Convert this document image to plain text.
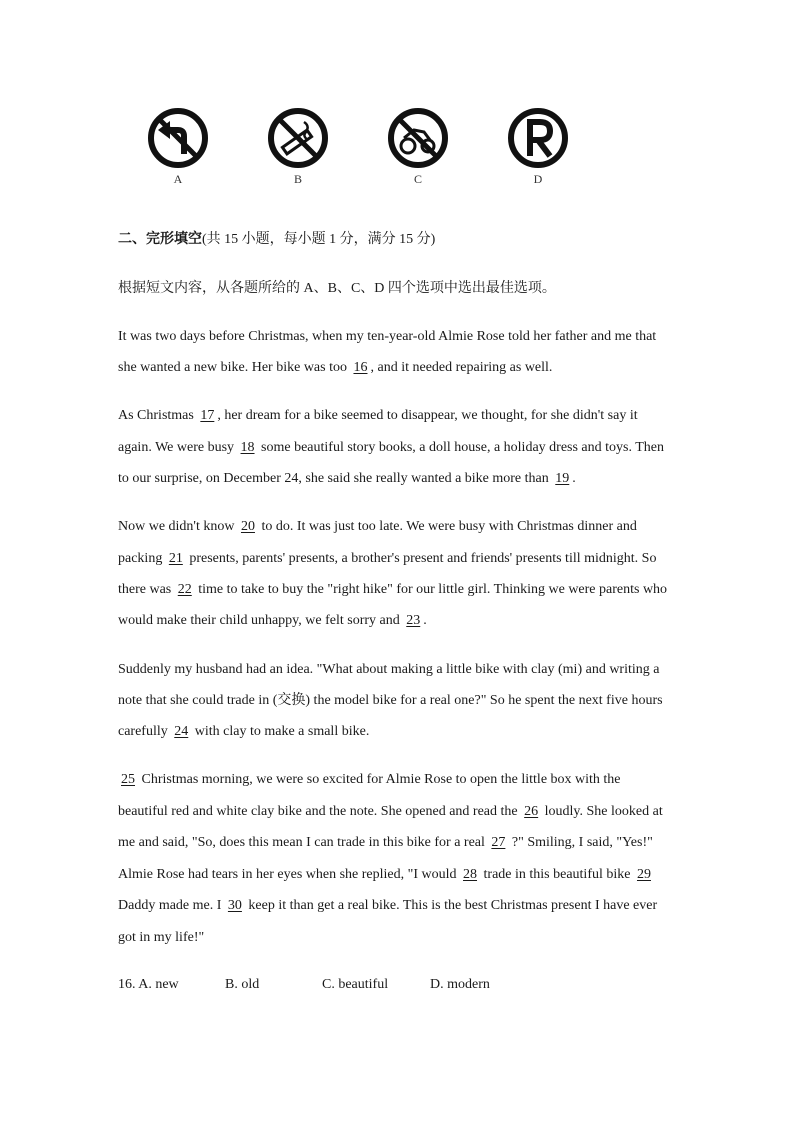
A	B	C	D
二、完形填空(共 15 小题，每小题 1 分，满分 15 分)
根据短文内容，从各题所给的 A、B、C、D 四个选项中选出最佳选项。
It was two days before Christmas, when my ten-year-old Almie Rose told her father and me that
she wanted a new bike. Her bike was too 16 , and it needed repairing as well.
As Christmas 17 , her dream for a bike seemed to disappear, we thought, for she didn't say it
again. We were busy 18 some beautiful story books, a doll house, a holiday dress and toys. Then
to our surprise, on December 24, she said she really wanted a bike more than 19 .
Now we didn't know 20 to do. It was just too late. We were busy with Christmas dinner and
packing 21 presents, parents' presents, a brother's present and friends' presents till midnight. So
there was 22 time to take to buy the "right hike" for our little girl. Thinking we were parents who
would make their child unhappy, we felt sorry and 23 .
Suddenly my husband had an idea. "What about making a little bike with clay (mi) and writing a
note that she could trade in (交换) the model bike for a real one?" So he spent the next five hours
carefully 24 with clay to make a small bike.
25 Christmas morning, we were so excited for Almie Rose to open the little box with the
beautiful red and white clay bike and the note. She opened and read the 26 loudly. She looked at
me and said, "So, does this mean I can trade in this bike for a real 27 ?" Smiling, I said, "Yes!"
Almie Rose had tears in her eyes when she replied, "I would 28 trade in this beautiful bike 29
Daddy made me. I 30 keep it than get a real bike. This is the best Christmas present I have ever
got in my life!"
16. A. new	B. old	C. beautiful	D. modern
